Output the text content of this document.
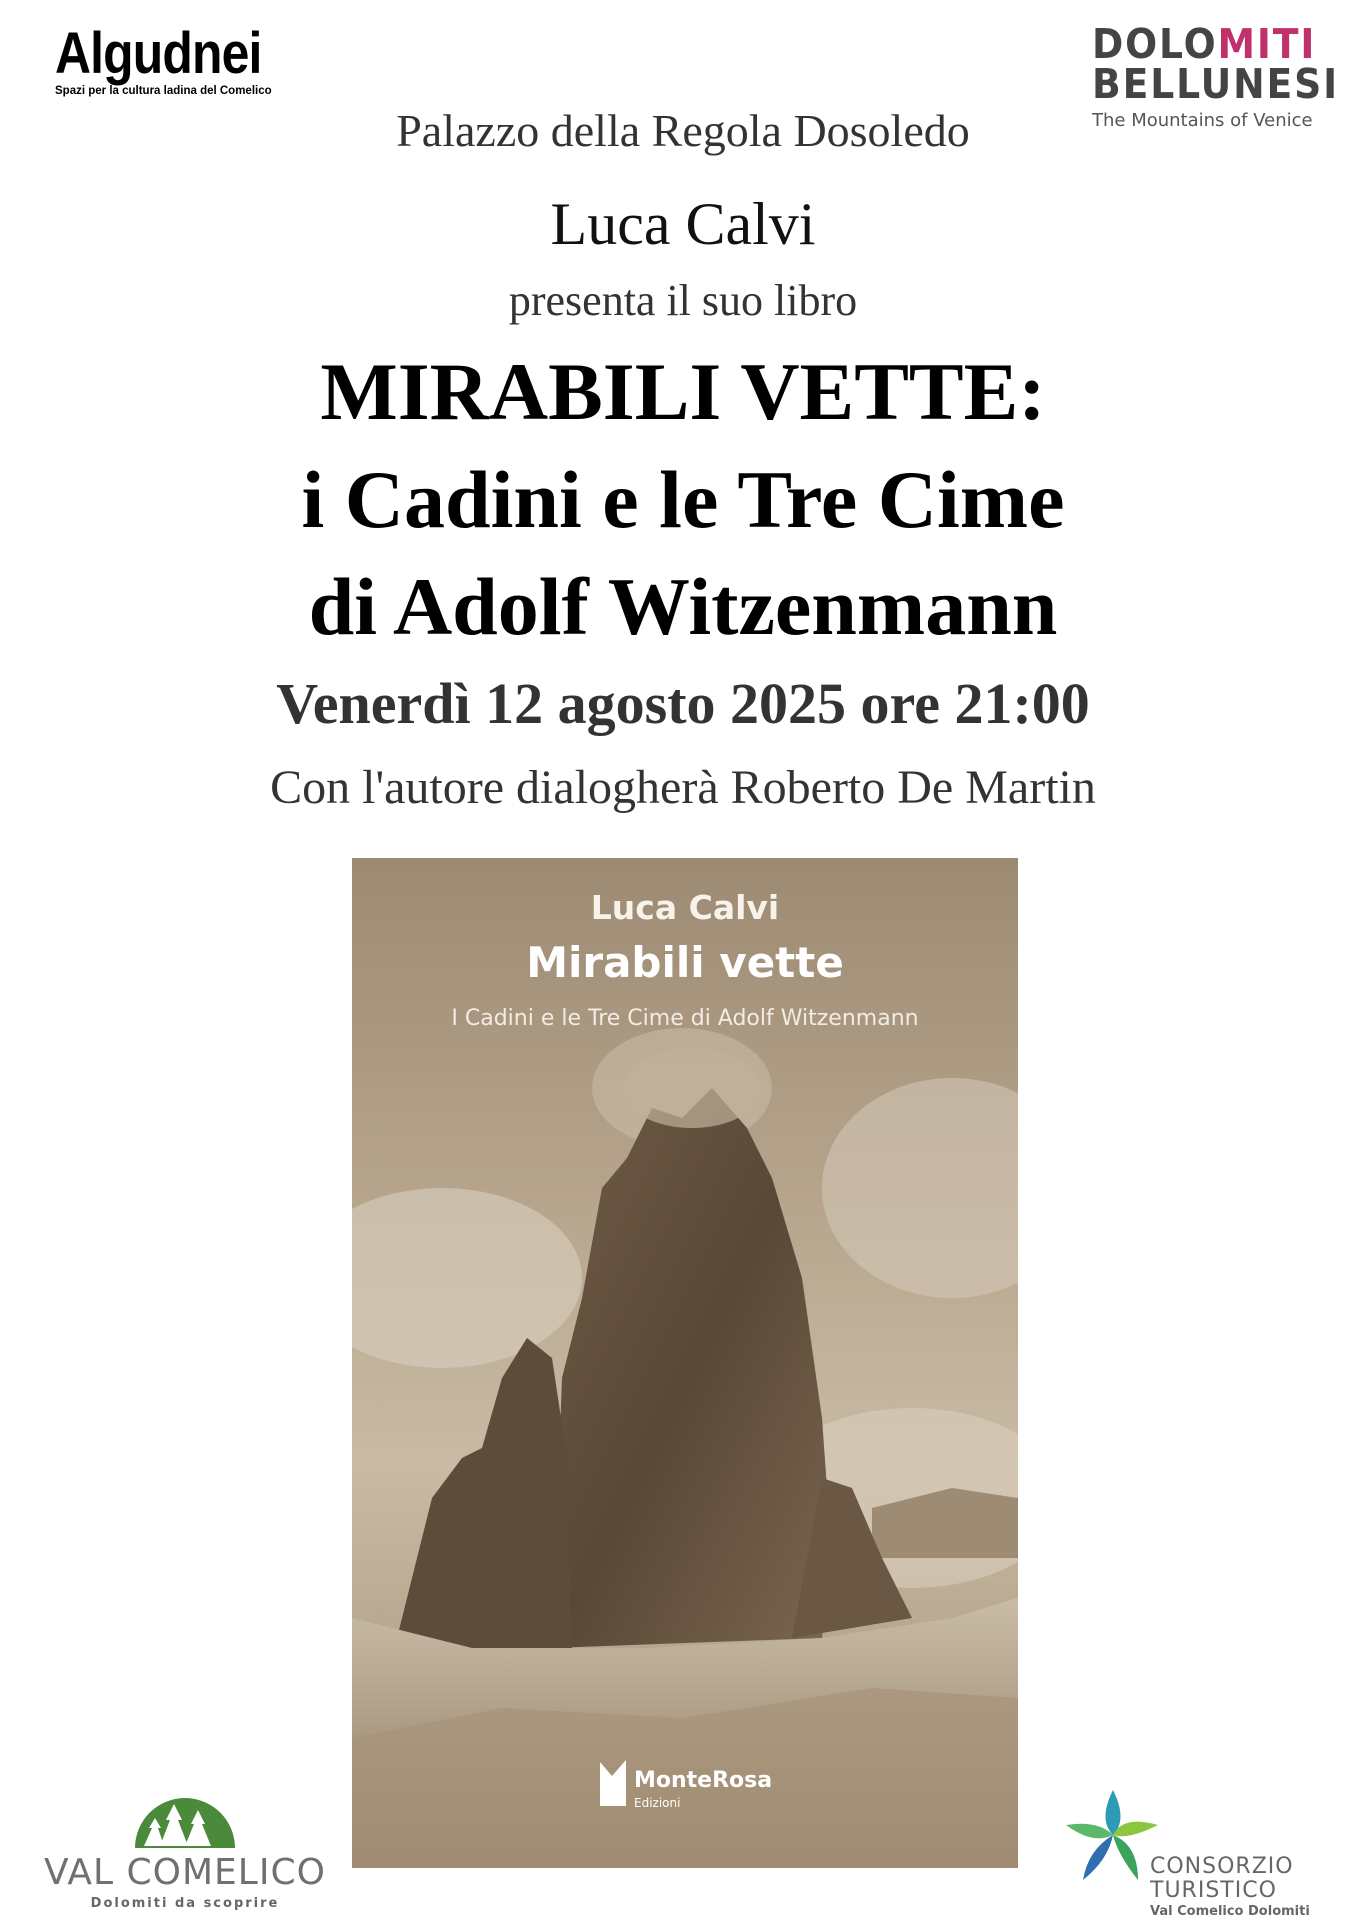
Algudnei
Spazi per la cultura ladina del Comelico
DOLOMITI
BELLUNESI
The Mountains of Venice
Palazzo della Regola Dosoledo
Luca Calvi
presenta il suo libro
MIRABILI VETTE:
i Cadini e le Tre Cime
di Adolf Witzenmann
Venerdì 12 agosto 2025 ore 21:00
Con l'autore dialogherà Roberto De Martin
Luca Calvi
Mirabili vette
I Cadini e le Tre Cime di Adolf Witzenmann
MonteRosa
Edizioni
VAL COMELICO
Dolomiti da scoprire
CONSORZIO
TURISTICO
Val Comelico Dolomiti
